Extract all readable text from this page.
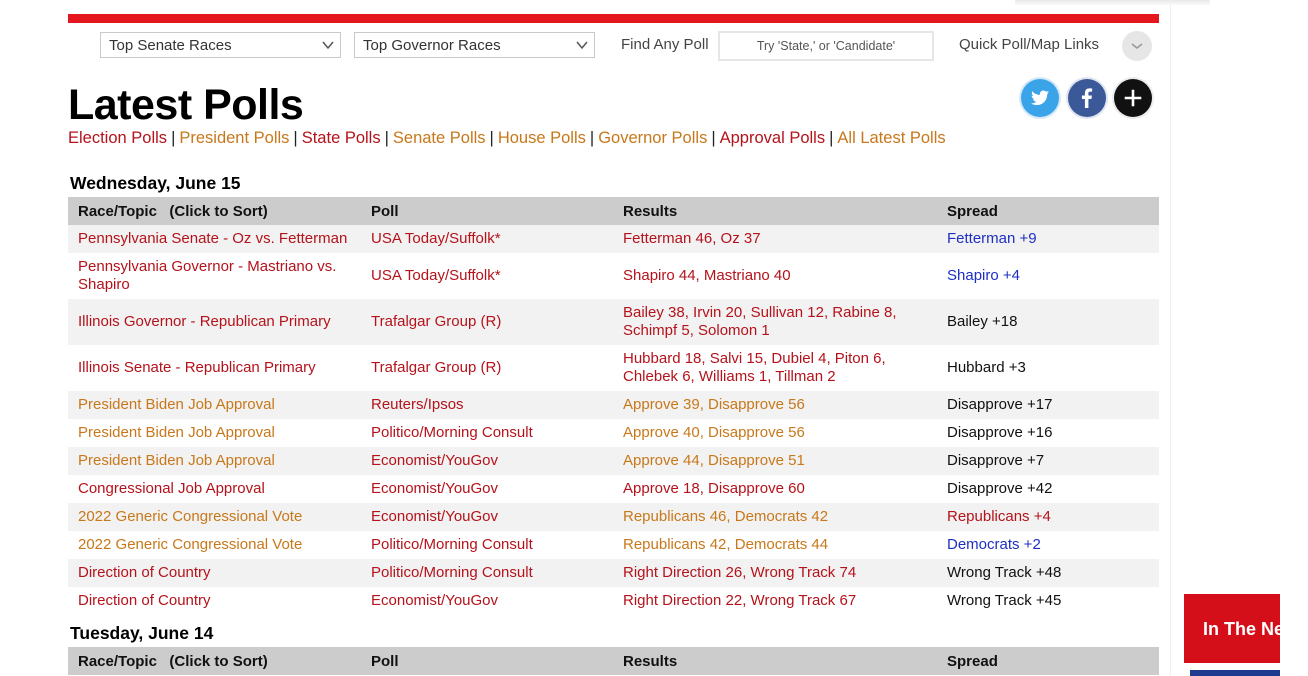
Top Senate Races	Top Governor Races	Find Any Poll
Try 'State,' or 'Candidate'	Quick Poll/Map Links
Latest Polls
Election Polls | President Polls | State Polls | Senate Polls | House Polls | Governor Polls | Approval Polls | All Latest Polls
Wednesday, June 15
Race/Topic   (Click to Sort)	Poll	Results	Spread
Pennsylvania Senate - Oz vs. Fetterman	USA Today/Suffolk*	Fetterman 46, Oz 37	Fetterman +9
Pennsylvania Governor - Mastriano vs. Shapiro	USA Today/Suffolk*	Shapiro 44, Mastriano 40	Shapiro +4
Illinois Governor - Republican Primary	Trafalgar Group (R)	Bailey 38, Irvin 20, Sullivan 12, Rabine 8, Schimpf 5, Solomon 1	Bailey +18
Illinois Senate - Republican Primary	Trafalgar Group (R)	Hubbard 18, Salvi 15, Dubiel 4, Piton 6, Chlebek 6, Williams 1, Tillman 2	Hubbard +3
President Biden Job Approval	Reuters/Ipsos	Approve 39, Disapprove 56	Disapprove +17
President Biden Job Approval	Politico/Morning Consult	Approve 40, Disapprove 56	Disapprove +16
President Biden Job Approval	Economist/YouGov	Approve 44, Disapprove 51	Disapprove +7
Congressional Job Approval	Economist/YouGov	Approve 18, Disapprove 60	Disapprove +42
2022 Generic Congressional Vote	Economist/YouGov	Republicans 46, Democrats 42	Republicans +4
2022 Generic Congressional Vote	Politico/Morning Consult	Republicans 42, Democrats 44	Democrats +2
Direction of Country	Politico/Morning Consult	Right Direction 26, Wrong Track 74	Wrong Track +48
Direction of Country	Economist/YouGov	Right Direction 22, Wrong Track 67	Wrong Track +45
Tuesday, June 14
Race/Topic   (Click to Sort)	Poll	Results	Spread
In The News
